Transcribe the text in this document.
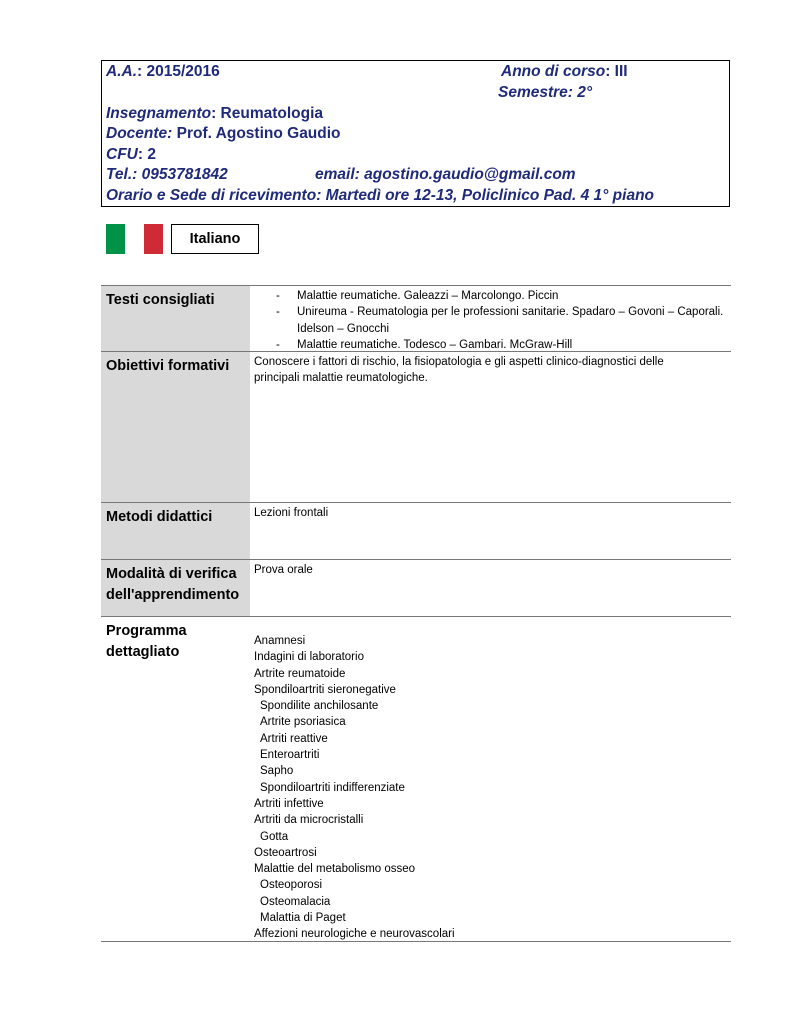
A.A.: 2015/2016	Anno di corso: III
Semestre: 2°
Insegnamento: Reumatologia
Docente: Prof. Agostino Gaudio
CFU: 2
Tel.: 0953781842	email: agostino.gaudio@gmail.com
Orario e Sede di ricevimento: Martedì ore 12-13, Policlinico Pad. 4 1° piano
Italiano
Testi consigliati
-	Malattie reumatiche. Galeazzi – Marcolongo. Piccin
- Unireuma - Reumatologia per le professioni sanitarie. Spadaro – Govoni – Caporali. Idelson – Gnocchi
- Malattie reumatiche. Todesco – Gambari. McGraw-Hill
Obiettivi formativi	Conoscere i fattori di rischio, la fisiopatologia e gli aspetti clinico-diagnostici delle principali malattie reumatologiche.
Metodi didattici	Lezioni frontali
Modalità di verifica dell'apprendimento
Prova orale
Programma dettagliato
Anamnesi
Indagini di laboratorio
Artrite reumatoide
Spondiloartriti sieronegative
Spondilite anchilosante
Artrite psoriasica
Artriti reattive
Enteroartriti
Sapho
Spondiloartriti indifferenziate
Artriti infettive
Artriti da microcristalli
Gotta
Osteoartrosi
Malattie del metabolismo osseo
Osteoporosi
Osteomalacia
Malattia di Paget
Affezioni neurologiche e neurovascolari
